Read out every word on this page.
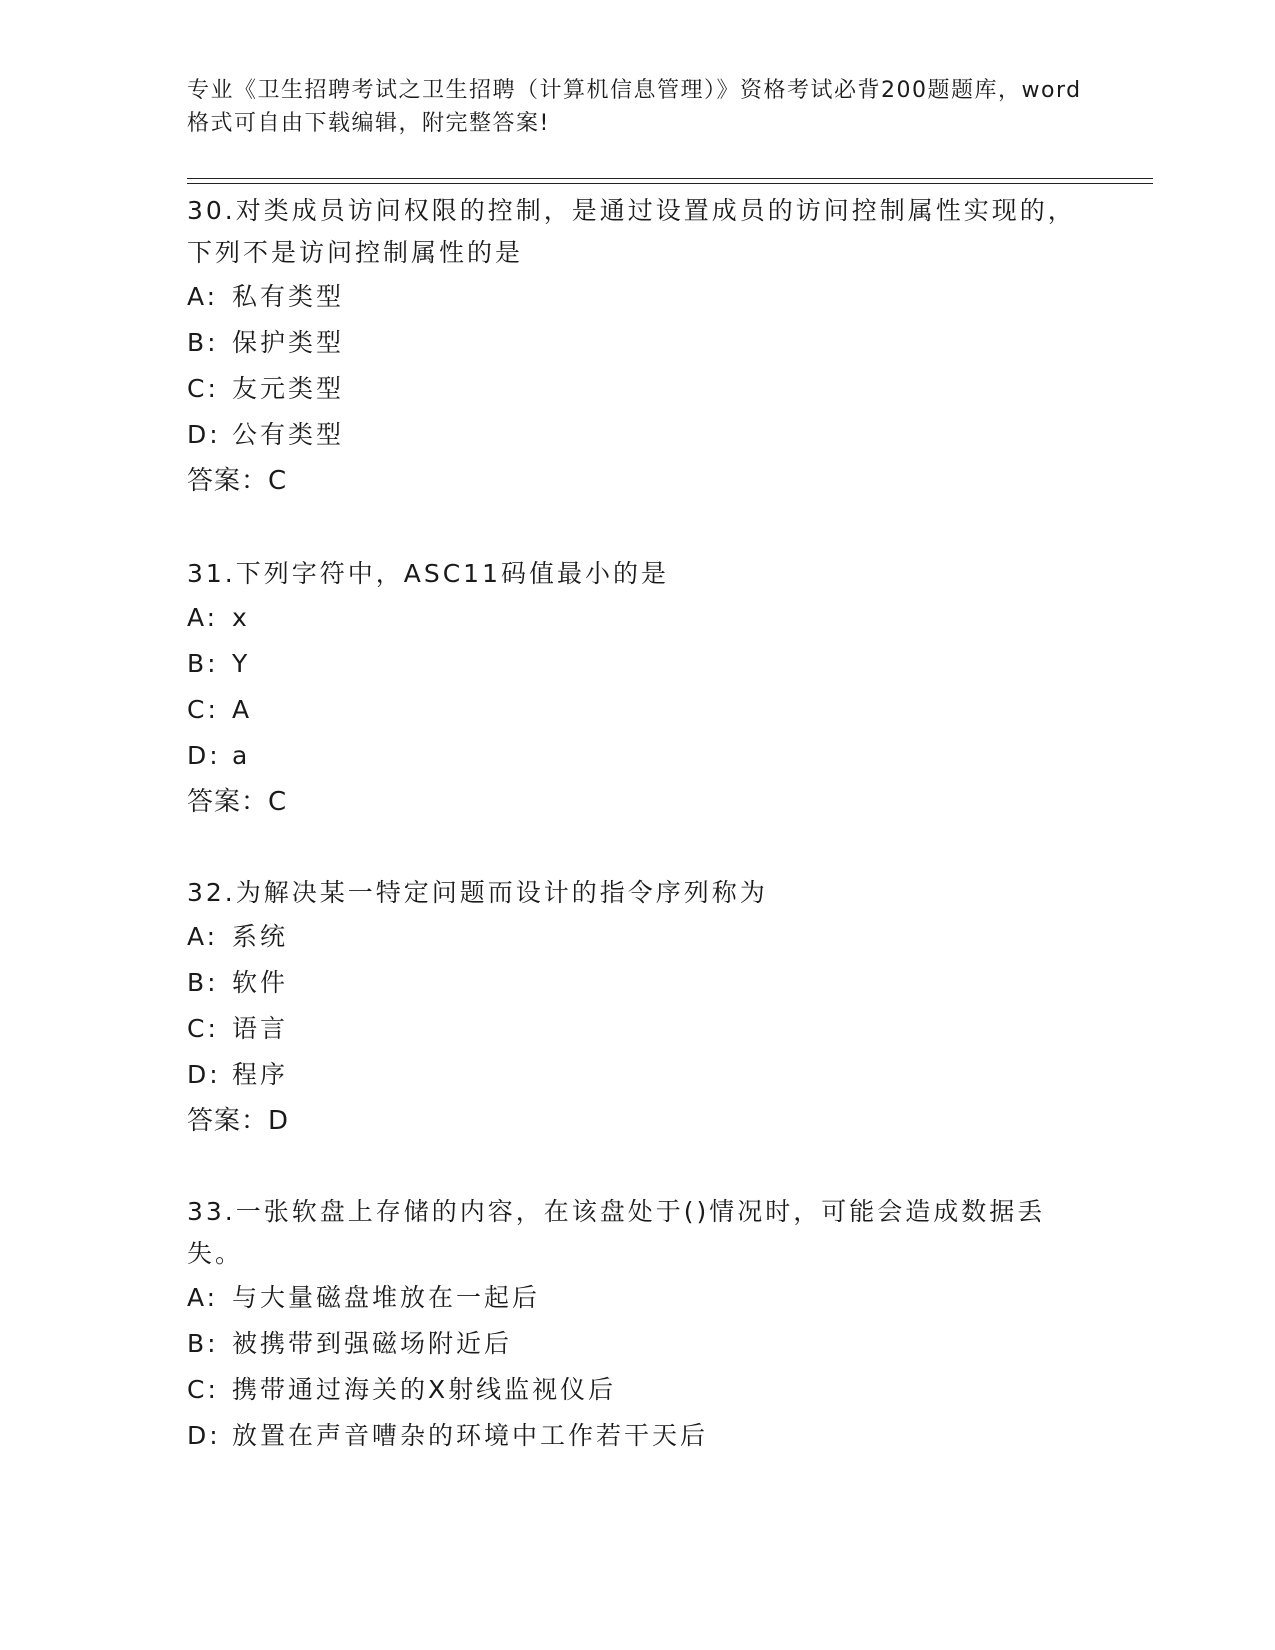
专业《卫生招聘考试之卫生招聘（计算机信息管理）》资格考试必背200题题库，word格式可自由下载编辑，附完整答案!

30.对类成员访问权限的控制，是通过设置成员的访问控制属性实现的，下列不是访问控制属性的是

A: 私有类型

B: 保护类型

C: 友元类型

D: 公有类型

答案：C

31.下列字符中，ASC11码值最小的是

A: x

B: Y

C: A

D: a

答案：C

32.为解决某一特定问题而设计的指令序列称为

A: 系统

B: 软件

C: 语言

D: 程序

答案：D

33.一张软盘上存储的内容，在该盘处于()情况时，可能会造成数据丢失。

A: 与大量磁盘堆放在一起后

B: 被携带到强磁场附近后

C: 携带通过海关的X射线监视仪后

D: 放置在声音嘈杂的环境中工作若干天后
